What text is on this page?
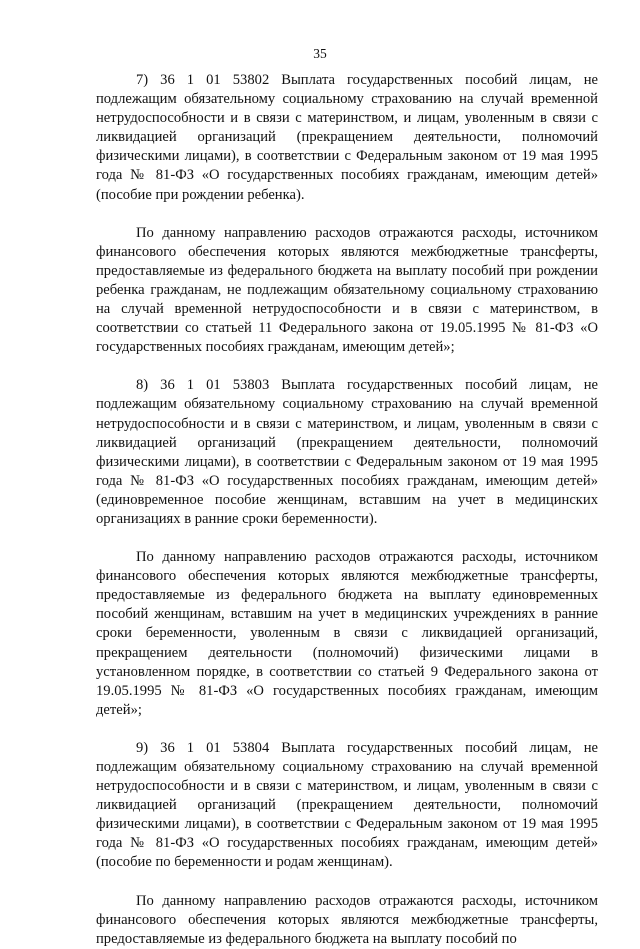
35

7) 36 1 01 53802 Выплата государственных пособий лицам, не подлежащим обязательному социальному страхованию на случай временной нетрудоспособности и в связи с материнством, и лицам, уволенным в связи с ликвидацией организаций (прекращением деятельности, полномочий физическими лицами), в соответствии с Федеральным законом от 19 мая 1995 года № 81-ФЗ «О государственных пособиях гражданам, имеющим детей» (пособие при рождении ребенка).

По данному направлению расходов отражаются расходы, источником финансового обеспечения которых являются межбюджетные трансферты, предоставляемые из федерального бюджета на выплату пособий при рождении ребенка гражданам, не подлежащим обязательному социальному страхованию на случай временной нетрудоспособности и в связи с материнством, в соответствии со статьей 11 Федерального закона от 19.05.1995 № 81-ФЗ «О государственных пособиях гражданам, имеющим детей»;

8) 36 1 01 53803 Выплата государственных пособий лицам, не подлежащим обязательному социальному страхованию на случай временной нетрудоспособности и в связи с материнством, и лицам, уволенным в связи с ликвидацией организаций (прекращением деятельности, полномочий физическими лицами), в соответствии с Федеральным законом от 19 мая 1995 года № 81-ФЗ «О государственных пособиях гражданам, имеющим детей» (единовременное пособие женщинам, вставшим на учет в медицинских организациях в ранние сроки беременности).

По данному направлению расходов отражаются расходы, источником финансового обеспечения которых являются межбюджетные трансферты, предоставляемые из федерального бюджета на выплату единовременных пособий женщинам, вставшим на учет в медицинских учреждениях в ранние сроки беременности, уволенным в связи с ликвидацией организаций, прекращением деятельности (полномочий) физическими лицами в установленном порядке, в соответствии со статьей 9 Федерального закона от 19.05.1995 № 81-ФЗ «О государственных пособиях гражданам, имеющим детей»;

9) 36 1 01 53804 Выплата государственных пособий лицам, не подлежащим обязательному социальному страхованию на случай временной нетрудоспособности и в связи с материнством, и лицам, уволенным в связи с ликвидацией организаций (прекращением деятельности, полномочий физическими лицами), в соответствии с Федеральным законом от 19 мая 1995 года № 81-ФЗ «О государственных пособиях гражданам, имеющим детей» (пособие по беременности и родам женщинам).

По данному направлению расходов отражаются расходы, источником финансового обеспечения которых являются межбюджетные трансферты, предоставляемые из федерального бюджета на выплату пособий по
